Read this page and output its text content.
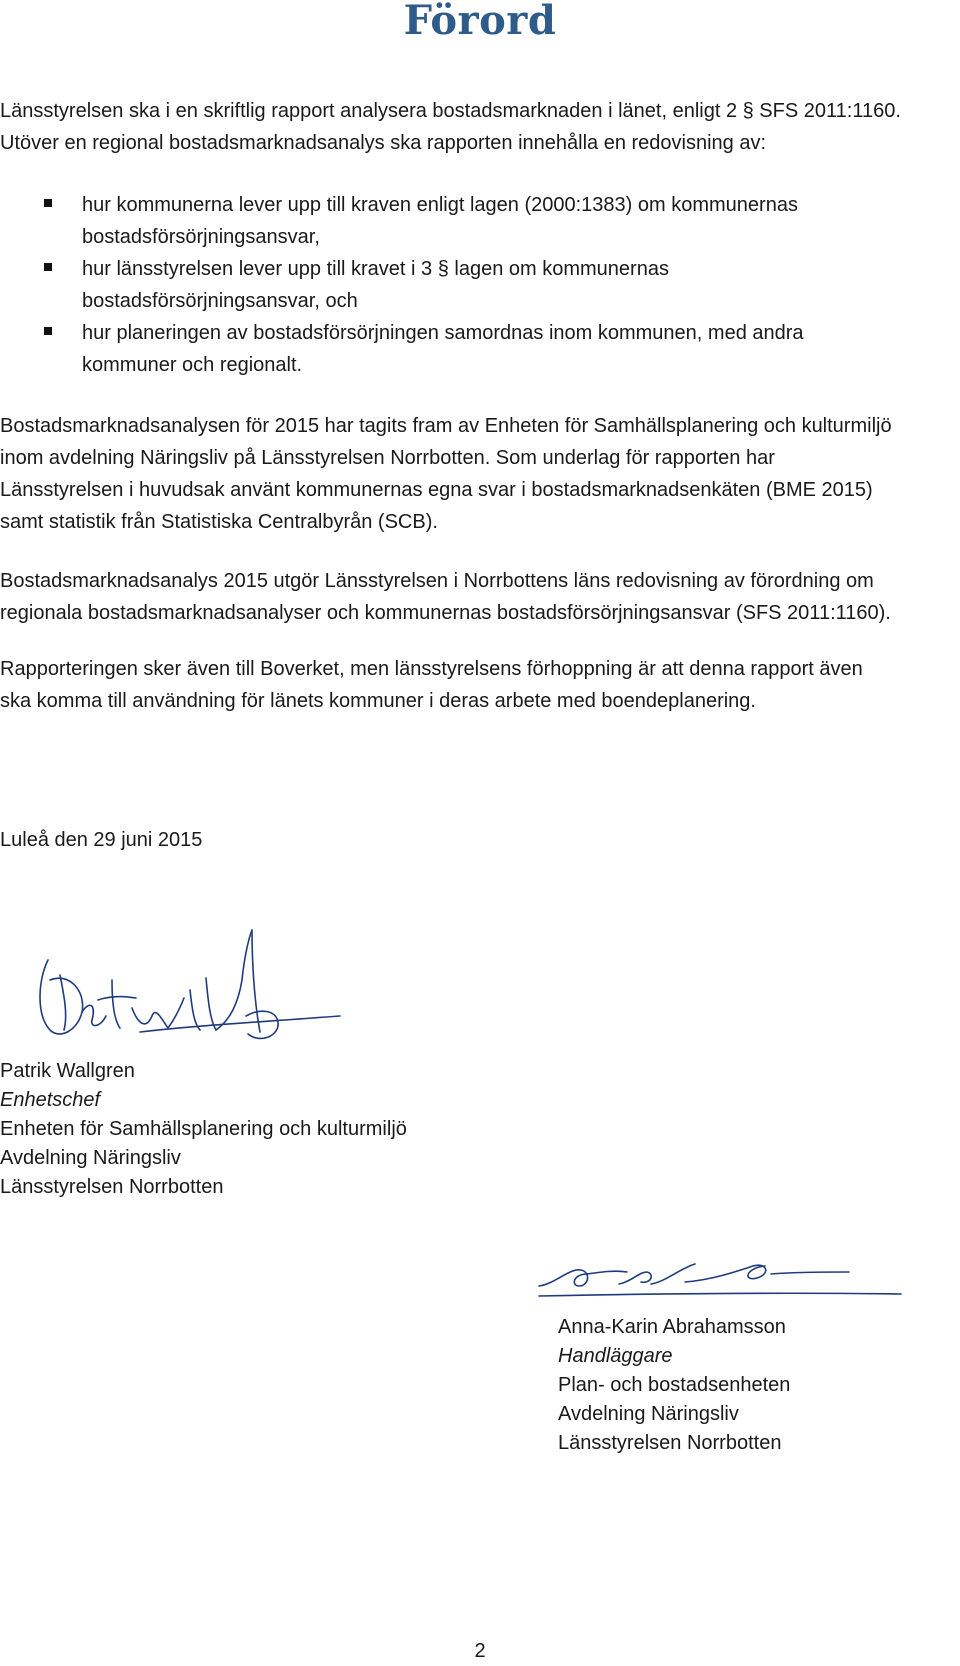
Förord

Länsstyrelsen ska i en skriftlig rapport analysera bostadsmarknaden i länet, enligt 2 § SFS 2011:1160.

Utöver en regional bostadsmarknadsanalys ska rapporten innehålla en redovisning av:

hur kommunerna lever upp till kraven enligt lagen (2000:1383) om kommunernas
bostadsförsörjningsansvar,
hur länsstyrelsen lever upp till kravet i 3 § lagen om kommunernas
bostadsförsörjningsansvar, och
hur planeringen av bostadsförsörjningen samordnas inom kommunen, med andra
kommuner och regionalt.

Bostadsmarknadsanalysen för 2015 har tagits fram av Enheten för Samhällsplanering och kulturmiljö

inom avdelning Näringsliv på Länsstyrelsen Norrbotten. Som underlag för rapporten har

Länsstyrelsen i huvudsak använt kommunernas egna svar i bostadsmarknadsenkäten (BME 2015)

samt statistik från Statistiska Centralbyrån (SCB).

Bostadsmarknadsanalys 2015 utgör Länsstyrelsen i Norrbottens läns redovisning av förordning om

regionala bostadsmarknadsanalyser och kommunernas bostadsförsörjningsansvar (SFS 2011:1160).

Rapporteringen sker även till Boverket, men länsstyrelsens förhoppning är att denna rapport även

ska komma till användning för länets kommuner i deras arbete med boendeplanering.

Luleå den 29 juni 2015

Patrik Wallgren
Enhetschef
Enheten för Samhällsplanering och kulturmiljö
Avdelning Näringsliv
Länsstyrelsen Norrbotten
Anna-Karin Abrahamsson
Handläggare
Plan- och bostadsenheten
Avdelning Näringsliv
Länsstyrelsen Norrbotten
2
